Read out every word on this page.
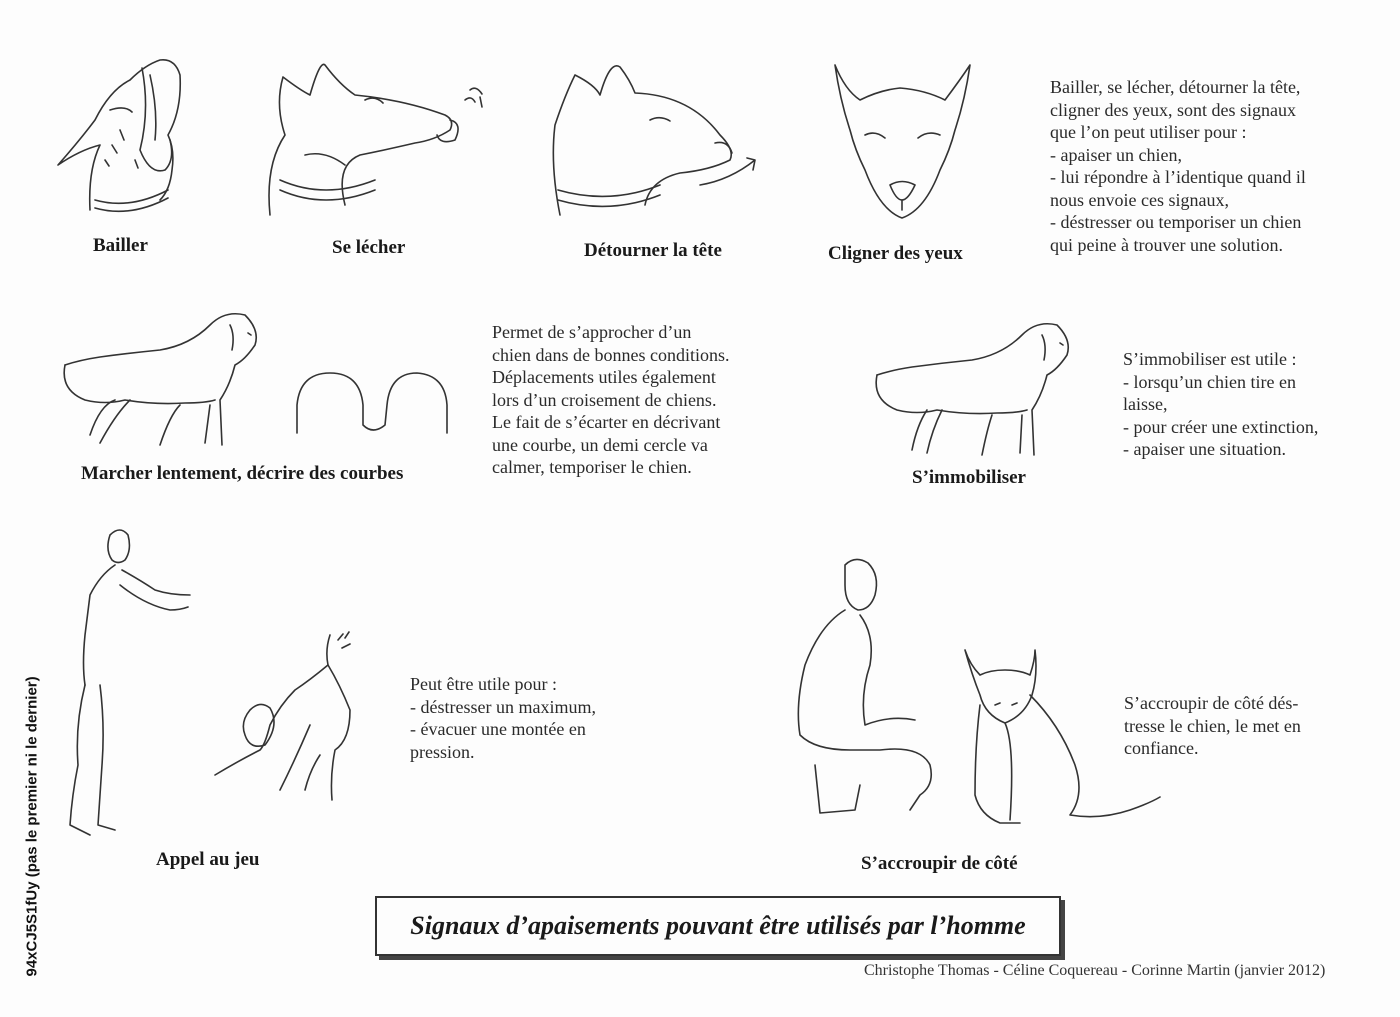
Bailler	Se lécher	Détourner la tête	Cligner des yeux
Bailler, se lécher, détourner la tête,
cligner des yeux, sont des signaux
que l’on peut utiliser pour :
- apaiser un chien,
- lui répondre à l’identique quand il
nous envoie ces signaux,
- déstresser ou temporiser un chien
qui peine à trouver une solution.
Marcher lentement, décrire des courbes
Permet de s’approcher d’un
chien dans de bonnes conditions.
Déplacements utiles également
lors d’un croisement de chiens.
Le fait de s’écarter en décrivant
une courbe, un demi cercle va
calmer, temporiser le chien.	S’immobiliser
S’immobiliser est utile :
- lorsqu’un chien tire en
laisse,
- pour créer une extinction,
- apaiser une situation.
Appel au jeu
Peut être utile pour :
- déstresser un maximum,
- évacuer une montée en
pression.
S’accroupir de côté
S’accroupir de côté dés-
tresse le chien, le met en
confiance.
Signaux d’apaisements pouvant être utilisés par l’homme
Christophe Thomas - Céline Coquereau - Corinne Martin (janvier 2012)
94xCJ5S1fUy (pas le premier ni le dernier)
